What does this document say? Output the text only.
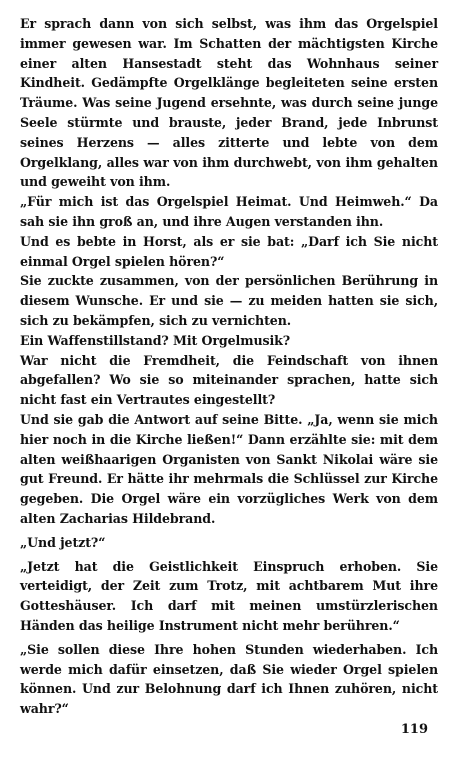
Er sprach dann von sich selbst, was ihm das Orgelspiel immer gewesen war. Im Schatten der mächtigsten Kirche einer alten Hansestadt steht das Wohnhaus seiner Kindheit. Gedämpfte Orgelklänge begleiteten seine ersten Träume. Was seine Jugend ersehnte, was durch seine junge Seele stürmte und brauste, jeder Brand, jede Inbrunst seines Herzens — alles zitterte und lebte von dem Orgelklang, alles war von ihm durchwebt, von ihm gehalten und geweiht von ihm.

„Für mich ist das Orgelspiel Heimat. Und Heimweh.“ Da sah sie ihn groß an, und ihre Augen verstanden ihn.

Und es bebte in Horst, als er sie bat: „Darf ich Sie nicht einmal Orgel spielen hören?“

Sie zuckte zusammen, von der persönlichen Berührung in diesem Wunsche. Er und sie — zu meiden hatten sie sich, sich zu bekämpfen, sich zu vernichten.

Ein Waffenstillstand? Mit Orgelmusik?

War nicht die Fremdheit, die Feindschaft von ihnen abgefallen? Wo sie so miteinander sprachen, hatte sich nicht fast ein Vertrautes eingestellt?

Und sie gab die Antwort auf seine Bitte. „Ja, wenn sie mich hier noch in die Kirche ließen!“ Dann erzählte sie: mit dem alten weißhaarigen Organisten von Sankt Nikolai wäre sie gut Freund. Er hätte ihr mehrmals die Schlüssel zur Kirche gegeben. Die Orgel wäre ein vorzügliches Werk von dem alten Zacharias Hildebrand.

„Und jetzt?“

„Jetzt hat die Geistlichkeit Einspruch erhoben. Sie verteidigt, der Zeit zum Trotz, mit achtbarem Mut ihre Gotteshäuser. Ich darf mit meinen umstürzlerischen Händen das heilige Instrument nicht mehr berühren.“

„Sie sollen diese Ihre hohen Stunden wiederhaben. Ich werde mich dafür einsetzen, daß Sie wieder Orgel spielen können. Und zur Belohnung darf ich Ihnen zuhören, nicht wahr?“

119
